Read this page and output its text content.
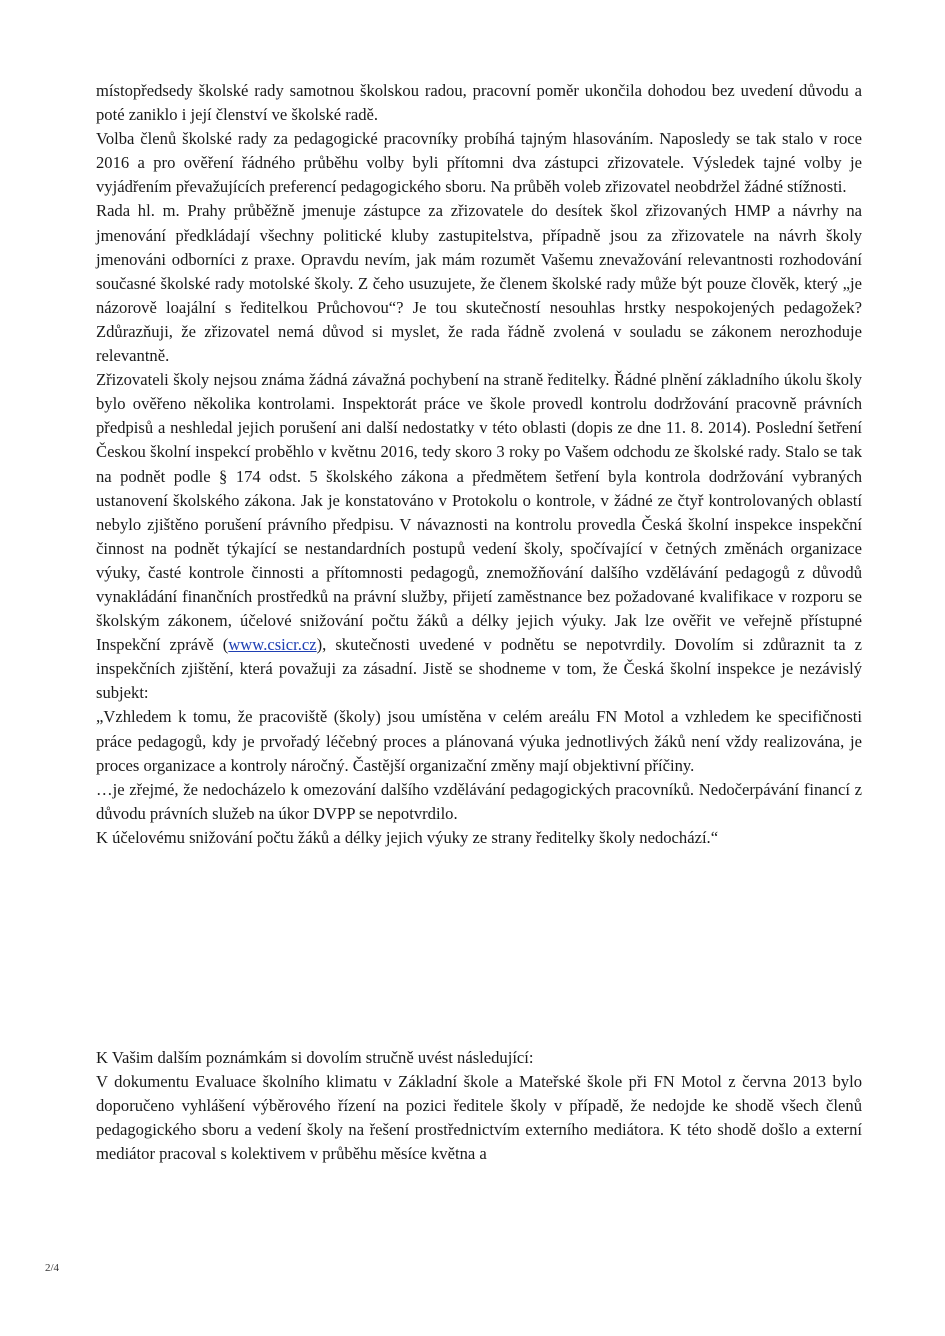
místopředsedy školské rady samotnou školskou radou, pracovní poměr ukončila dohodou bez uvedení důvodu a poté zaniklo i její členství ve školské radě.

Volba členů školské rady za pedagogické pracovníky probíhá tajným hlasováním. Naposledy se tak stalo v roce 2016 a pro ověření řádného průběhu volby byli přítomni dva zástupci zřizovatele. Výsledek tajné volby je vyjádřením převažujících preferencí pedagogického sboru. Na průběh voleb zřizovatel neobdržel žádné stížnosti.

Rada hl. m. Prahy průběžně jmenuje zástupce za zřizovatele do desítek škol zřizovaných HMP a návrhy na jmenování předkládají všechny politické kluby zastupitelstva, případně jsou za zřizovatele na návrh školy jmenováni odborníci z praxe. Opravdu nevím, jak mám rozumět Vašemu znevažování relevantnosti rozhodování současné školské rady motolské školy. Z čeho usuzujete, že členem školské rady může být pouze člověk, který „je názorově loajální s ředitelkou Průchovou“? Je tou skutečností nesouhlas hrstky nespokojených pedagožek? Zdůrazňuji, že zřizovatel nemá důvod si myslet, že rada řádně zvolená v souladu se zákonem nerozhoduje relevantně.

Zřizovateli školy nejsou známa žádná závažná pochybení na straně ředitelky. Řádné plnění základního úkolu školy bylo ověřeno několika kontrolami. Inspektorát práce ve škole provedl kontrolu dodržování pracovně právních předpisů a neshledal jejich porušení ani další nedostatky v této oblasti (dopis ze dne 11. 8. 2014). Poslední šetření Českou školní inspekcí proběhlo v květnu 2016, tedy skoro 3 roky po Vašem odchodu ze školské rady. Stalo se tak na podnět podle § 174 odst. 5 školského zákona a předmětem šetření byla kontrola dodržování vybraných ustanovení školského zákona. Jak je konstatováno v Protokolu o kontrole, v žádné ze čtyř kontrolovaných oblastí nebylo zjištěno porušení právního předpisu. V návaznosti na kontrolu provedla Česká školní inspekce inspekční činnost na podnět týkající se nestandardních postupů vedení školy, spočívající v četných změnách organizace výuky, časté kontrole činnosti a přítomnosti pedagogů, znemožňování dalšího vzdělávání pedagogů z důvodů vynakládání finančních prostředků na právní služby, přijetí zaměstnance bez požadované kvalifikace v rozporu se školským zákonem, účelové snižování počtu žáků a délky jejich výuky. Jak lze ověřit ve veřejně přístupné Inspekční zprávě (www.csicr.cz), skutečnosti uvedené v podnětu se nepotvrdily. Dovolím si zdůraznit ta z inspekčních zjištění, která považuji za zásadní. Jistě se shodneme v tom, že Česká školní inspekce je nezávislý subjekt:

„Vzhledem k tomu, že pracoviště (školy) jsou umístěna v celém areálu FN Motol a vzhledem ke specifičnosti práce pedagogů, kdy je prvořadý léčebný proces a plánovaná výuka jednotlivých žáků není vždy realizována, je proces organizace a kontroly náročný. Častější organizační změny mají objektivní příčiny.

…je zřejmé, že nedocházelo k omezování dalšího vzdělávání pedagogických pracovníků. Nedočerpávání financí z důvodu právních služeb na úkor DVPP se nepotvrdilo.

K účelovému snižování počtu žáků a délky jejich výuky ze strany ředitelky školy nedochází.“

K Vašim dalším poznámkám si dovolím stručně uvést následující:

V dokumentu Evaluace školního klimatu v Základní škole a Mateřské škole při FN Motol z června 2013 bylo doporučeno vyhlášení výběrového řízení na pozici ředitele školy v případě, že nedojde ke shodě všech členů pedagogického sboru a vedení školy na řešení prostřednictvím externího mediátora. K této shodě došlo a externí mediátor pracoval s kolektivem v průběhu měsíce května a

2/4
